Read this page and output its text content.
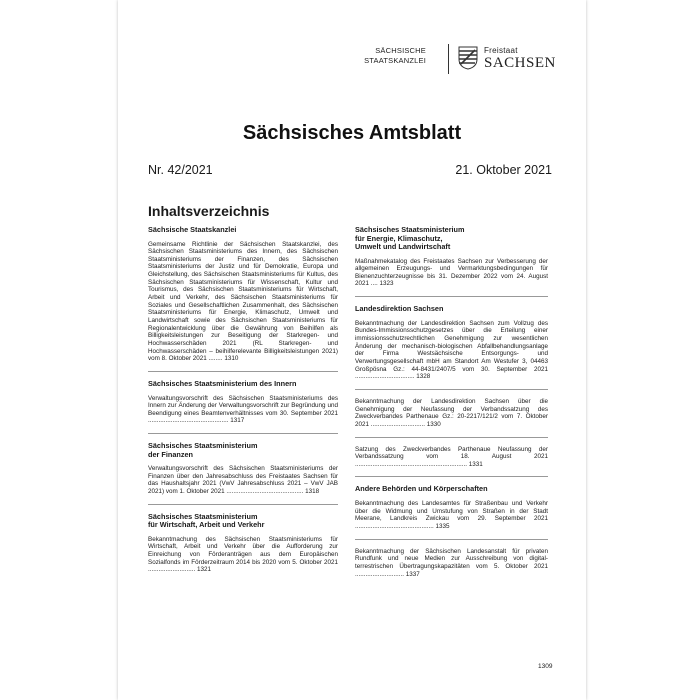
SÄCHSISCHE
STAATSKANZLEI
Freistaat
SACHSEN
Sächsisches Amtsblatt
Nr. 42/2021	21. Oktober 2021
Inhaltsverzeichnis
Sächsische Staatskanzlei

Gemeinsame Richtlinie der Sächsischen Staatskanzlei, des Sächsischen Staatsministeriums des Innern, des Sächsischen Staatsministeriums der Finanzen, des Sächsischen Staatsministeriums der Justiz und für Demokratie, Europa und Gleichstellung, des Sächsischen Staatsministeriums für Kultus, des Sächsischen Staatsministeriums für Wissenschaft, Kultur und Tourismus, des Sächsischen Staatsministeriums für Wirtschaft, Arbeit und Verkehr, des Sächsischen Staatsministeriums für Soziales und Gesellschaftlichen Zusammenhalt, des Sächsischen Staatsministeriums für Energie, Klimaschutz, Umwelt und Landwirtschaft sowie des Sächsischen Staatsministeriums für Regionalentwicklung über die Gewährung von Beihilfen als Billigkeitsleistungen zur Beseitigung der Starkregen- und Hochwasserschäden 2021 (RL Starkregen- und Hochwasserschäden – beihilferelevante Billigkeitsleistungen 2021) vom 8. Oktober 2021 ........ 1310

Sächsisches Staatsministerium des Innern

Verwaltungsvorschrift des Sächsischen Staatsministeriums des Innern zur Änderung der Verwaltungsvorschrift zur Begründung und Beendigung eines Beamtenverhältnisses vom 30. September 2021 .............................................. 1317

Sächsisches Staatsministerium
der Finanzen

Verwaltungsvorschrift des Sächsischen Staatsministeriums der Finanzen über den Jahresabschluss des Freistaates Sachsen für das Haushaltsjahr 2021 (VwV Jahresabschluss 2021 – VwV JAB 2021) vom 1. Oktober 2021 ............................................ 1318

Sächsisches Staatsministerium
für Wirtschaft, Arbeit und Verkehr

Bekanntmachung des Sächsischen Staatsministeriums für Wirtschaft, Arbeit und Verkehr über die Aufforderung zur Einreichung von Förderanträgen aus dem Europäischen Sozialfonds im Förderzeitraum 2014 bis 2020 vom 5. Oktober 2021 ........................... 1321

Sächsisches Staatsministerium
für Energie, Klimaschutz,
Umwelt und Landwirtschaft

Maßnahmekatalog des Freistaates Sachsen zur Verbesserung der allgemeinen Erzeugungs- und Vermarktungsbedingungen für Bienenzuchterzeugnisse bis 31. Dezember 2022 vom 24. August 2021 .... 1323

Landesdirektion Sachsen

Bekanntmachung der Landesdirektion Sachsen zum Vollzug des Bundes-Immissionsschutzgesetzes über die Erteilung einer immissionsschutzrechtlichen Genehmigung zur wesentlichen Änderung der mechanisch-biologischen Abfallbehandlungsanlage der Firma Westsächsische Entsorgungs- und Verwertungsgesellschaft mbH am Standort Am Westufer 3, 04463 Großpösna Gz.: 44-8431/2407/5 vom 30. September 2021 .................................. 1328

Bekanntmachung der Landesdirektion Sachsen über die Genehmigung der Neufassung der Verbandssatzung des Zweckverbandes Parthenaue Gz.: 20-2217/121/2 vom 7. Oktober 2021 ............................... 1330

Satzung des Zweckverbandes Parthenaue Neufassung der Verbandssatzung vom 18. August 2021 ................................................................ 1331

Andere Behörden und Körperschaften

Bekanntmachung des Landesamtes für Straßenbau und Verkehr über die Widmung und Umstufung von Straßen in der Stadt Meerane, Landkreis Zwickau vom 29. September 2021 ............................................. 1335

Bekanntmachung der Sächsischen Landesanstalt für privaten Rundfunk und neue Medien zur Ausschreibung von digital-terrestrischen Übertragungskapazitäten vom 5. Oktober 2021 ............................ 1337

1309
